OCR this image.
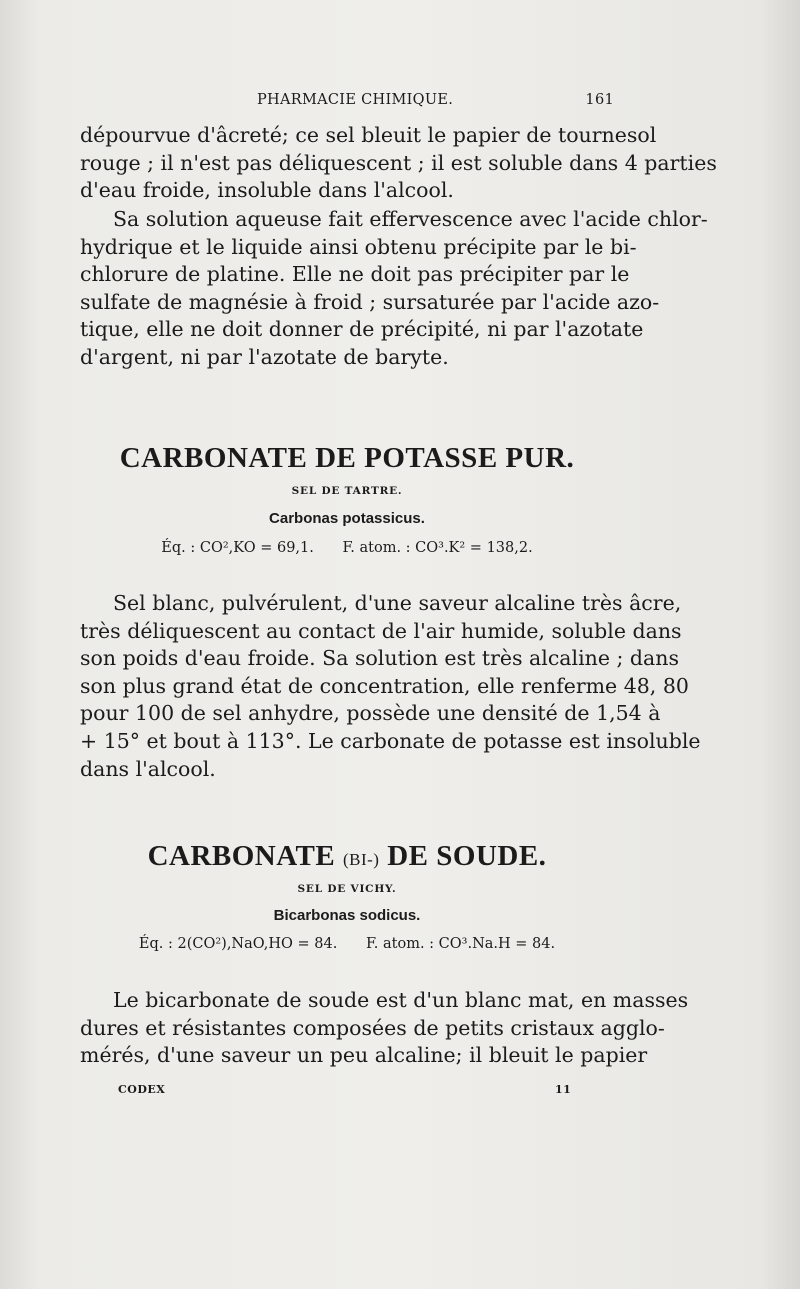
PHARMACIE CHIMIQUE.	161

dépourvue d'âcreté; ce sel bleuit le papier de tournesol
rouge ; il n'est pas déliquescent ; il est soluble dans 4 parties
d'eau froide, insoluble dans l'alcool.

Sa solution aqueuse fait effervescence avec l'acide chlor-
hydrique et le liquide ainsi obtenu précipite par le bi-
chlorure de platine. Elle ne doit pas précipiter par le
sulfate de magnésie à froid ; sursaturée par l'acide azo-
tique, elle ne doit donner de précipité, ni par l'azotate
d'argent, ni par l'azotate de baryte.

CARBONATE DE POTASSE PUR.
SEL DE TARTRE.
Carbonas potassicus.
Éq. : CO²,KO = 69,1. F. atom. : CO³.K² = 138,2.

Sel blanc, pulvérulent, d'une saveur alcaline très âcre,
très déliquescent au contact de l'air humide, soluble dans
son poids d'eau froide. Sa solution est très alcaline ; dans
son plus grand état de concentration, elle renferme 48, 80
pour 100 de sel anhydre, possède une densité de 1,54 à
+ 15° et bout à 113°. Le carbonate de potasse est insoluble
dans l'alcool.

CARBONATE (BI-) DE SOUDE.
SEL DE VICHY.
Bicarbonas sodicus.
Éq. : 2(CO²),NaO,HO = 84. F. atom. : CO³.Na.H = 84.

Le bicarbonate de soude est d'un blanc mat, en masses
dures et résistantes composées de petits cristaux agglo-
mérés, d'une saveur un peu alcaline; il bleuit le papier

CODEX	11
